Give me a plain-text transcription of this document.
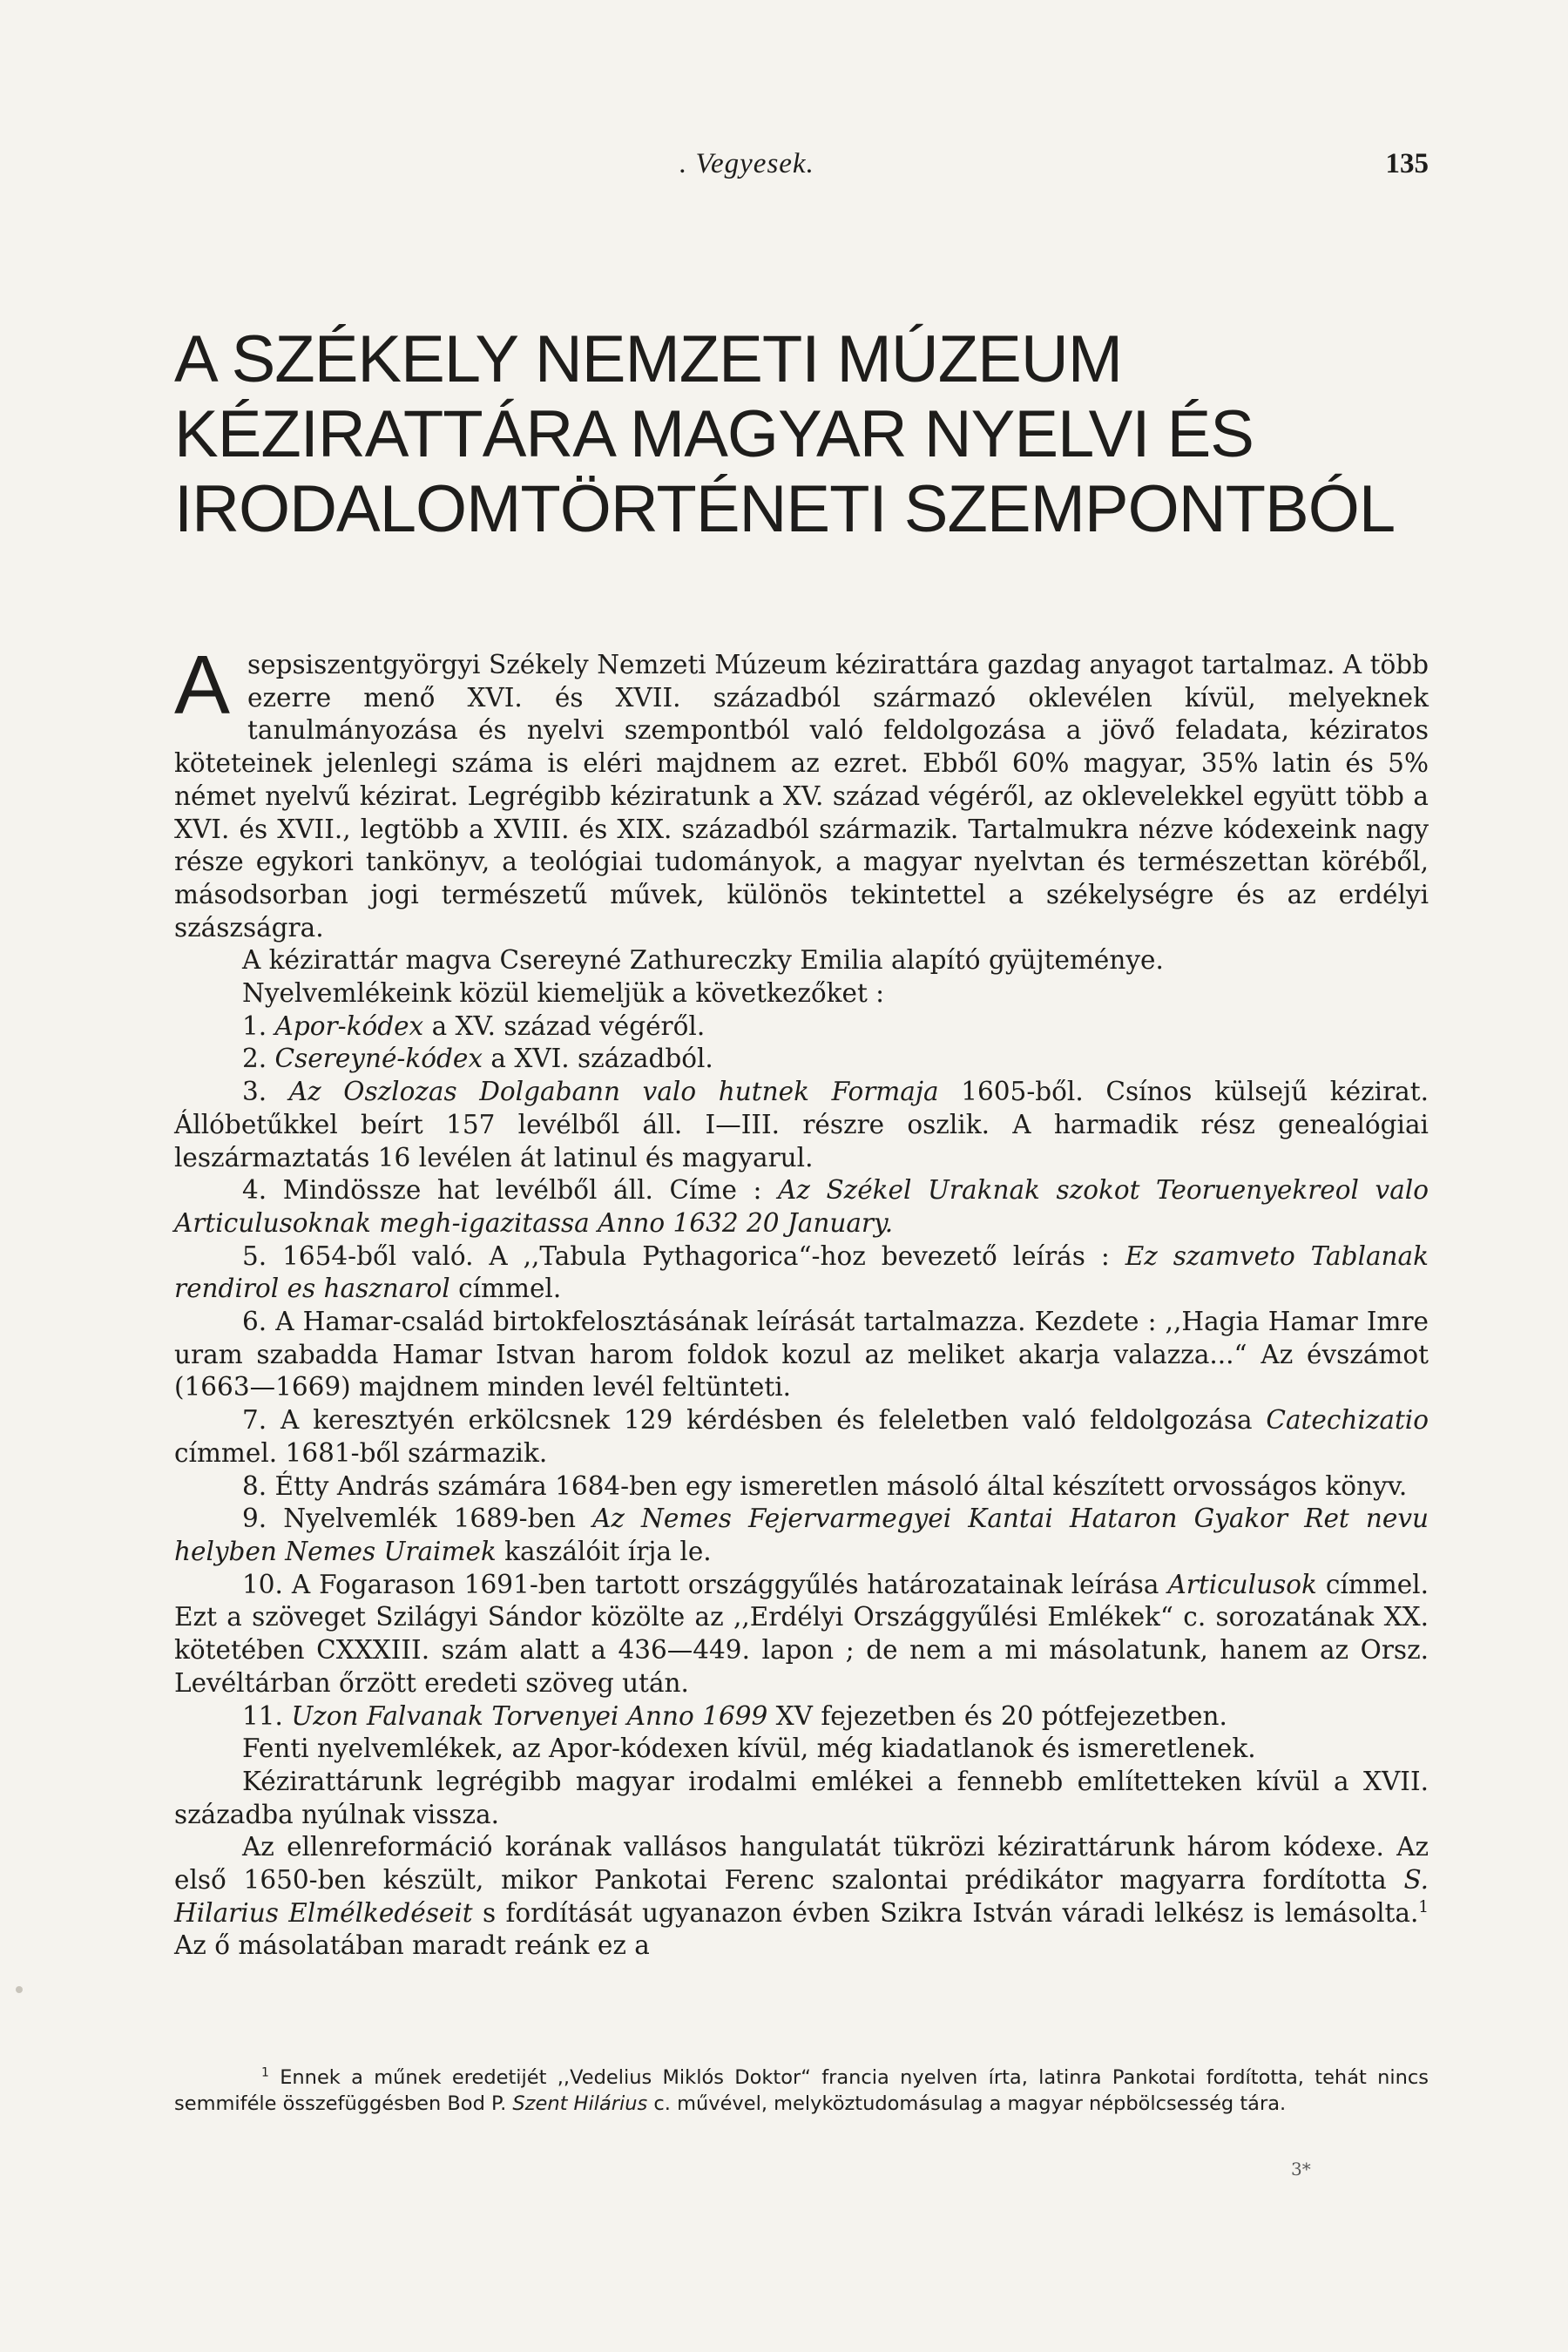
. Vegyesek.	135
A SZÉKELY NEMZETI MÚZEUM
KÉZIRATTÁRA MAGYAR NYELVI ÉS
IRODALOMTÖRTÉNETI SZEMPONTBÓL

A sepsiszentgyörgyi Székely Nemzeti Múzeum kézirattára gazdag anyagot tartalmaz. A több ezerre menő XVI. és XVII. századból származó oklevélen kívül, melyeknek tanulmányozása és nyelvi szempontból való feldolgozása a jövő feladata, kéziratos köteteinek jelenlegi száma is eléri majdnem az ezret. Ebből 60% magyar, 35% latin és 5% német nyelvű kézirat. Legrégibb kéziratunk a XV. század végéről, az oklevelekkel együtt több a XVI. és XVII., legtöbb a XVIII. és XIX. századból származik. Tartalmukra nézve kódexeink nagy része egykori tankönyv, a teológiai tudományok, a magyar nyelvtan és természettan köréből, másodsorban jogi természetű művek, különös tekintettel a székelységre és az erdélyi szászságra.

A kézirattár magva Csereyné Zathureczky Emilia alapító gyüjteménye.

Nyelvemlékeink közül kiemeljük a következőket :

1. Apor-kódex a XV. század végéről.

2. Csereyné-kódex a XVI. századból.

3. Az Oszlozas Dolgabann valo hutnek Formaja 1605-ből. Csínos külsejű kézirat. Állóbetűkkel beírt 157 levélből áll. I—III. részre oszlik. A harmadik rész genealógiai leszármaztatás 16 levélen át latinul és magyarul.

4. Mindössze hat levélből áll. Címe : Az Székel Uraknak szokot Teoruenyekreol valo Articulusoknak megh-igazitassa Anno 1632 20 January.

5. 1654-ből való. A ,,Tabula Pythagorica“-hoz bevezető leírás : Ez szamveto Tablanak rendirol es hasznarol címmel.

6. A Hamar-család birtokfelosztásának leírását tartalmazza. Kezdete : ,,Hagia Hamar Imre uram szabadda Hamar Istvan harom foldok kozul az meliket akarja valazza...“ Az évszámot (1663—1669) majdnem minden levél feltünteti.

7. A keresztyén erkölcsnek 129 kérdésben és feleletben való feldolgozása Catechizatio címmel. 1681-ből származik.

8. Étty András számára 1684-ben egy ismeretlen másoló által készített orvosságos könyv.

9. Nyelvemlék 1689-ben Az Nemes Fejervarmegyei Kantai Hataron Gyakor Ret nevu helyben Nemes Uraimek kaszálóit írja le.

10. A Fogarason 1691-ben tartott országgyűlés határozatainak leírása Articulusok címmel. Ezt a szöveget Szilágyi Sándor közölte az ,,Erdélyi Országgyűlési Emlékek“ c. sorozatának XX. kötetében CXXXIII. szám alatt a 436—449. lapon ; de nem a mi másolatunk, hanem az Orsz. Levéltárban őrzött eredeti szöveg után.

11. Uzon Falvanak Torvenyei Anno 1699 XV fejezetben és 20 pótfejezetben.

Fenti nyelvemlékek, az Apor-kódexen kívül, még kiadatlanok és ismeretlenek.

Kézirattárunk legrégibb magyar irodalmi emlékei a fennebb említetteken kívül a XVII. századba nyúlnak vissza.

Az ellenreformáció korának vallásos hangulatát tükrözi kézirattárunk három kódexe. Az első 1650-ben készült, mikor Pankotai Ferenc szalontai prédikátor magyarra fordította S. Hilarius Elmélkedéseit s fordítását ugyanazon évben Szikra István váradi lelkész is lemásolta.$^1$ Az ő másolatában maradt reánk ez a

$^1$ Ennek a műnek eredetijét ,,Vedelius Miklós Doktor“ francia nyelven írta, latinra Pankotai fordította, tehát nincs semmiféle összefüggésben Bod P. Szent Hilárius c. művével, melyköztudomásulag a magyar népbölcsesség tára.

3*
